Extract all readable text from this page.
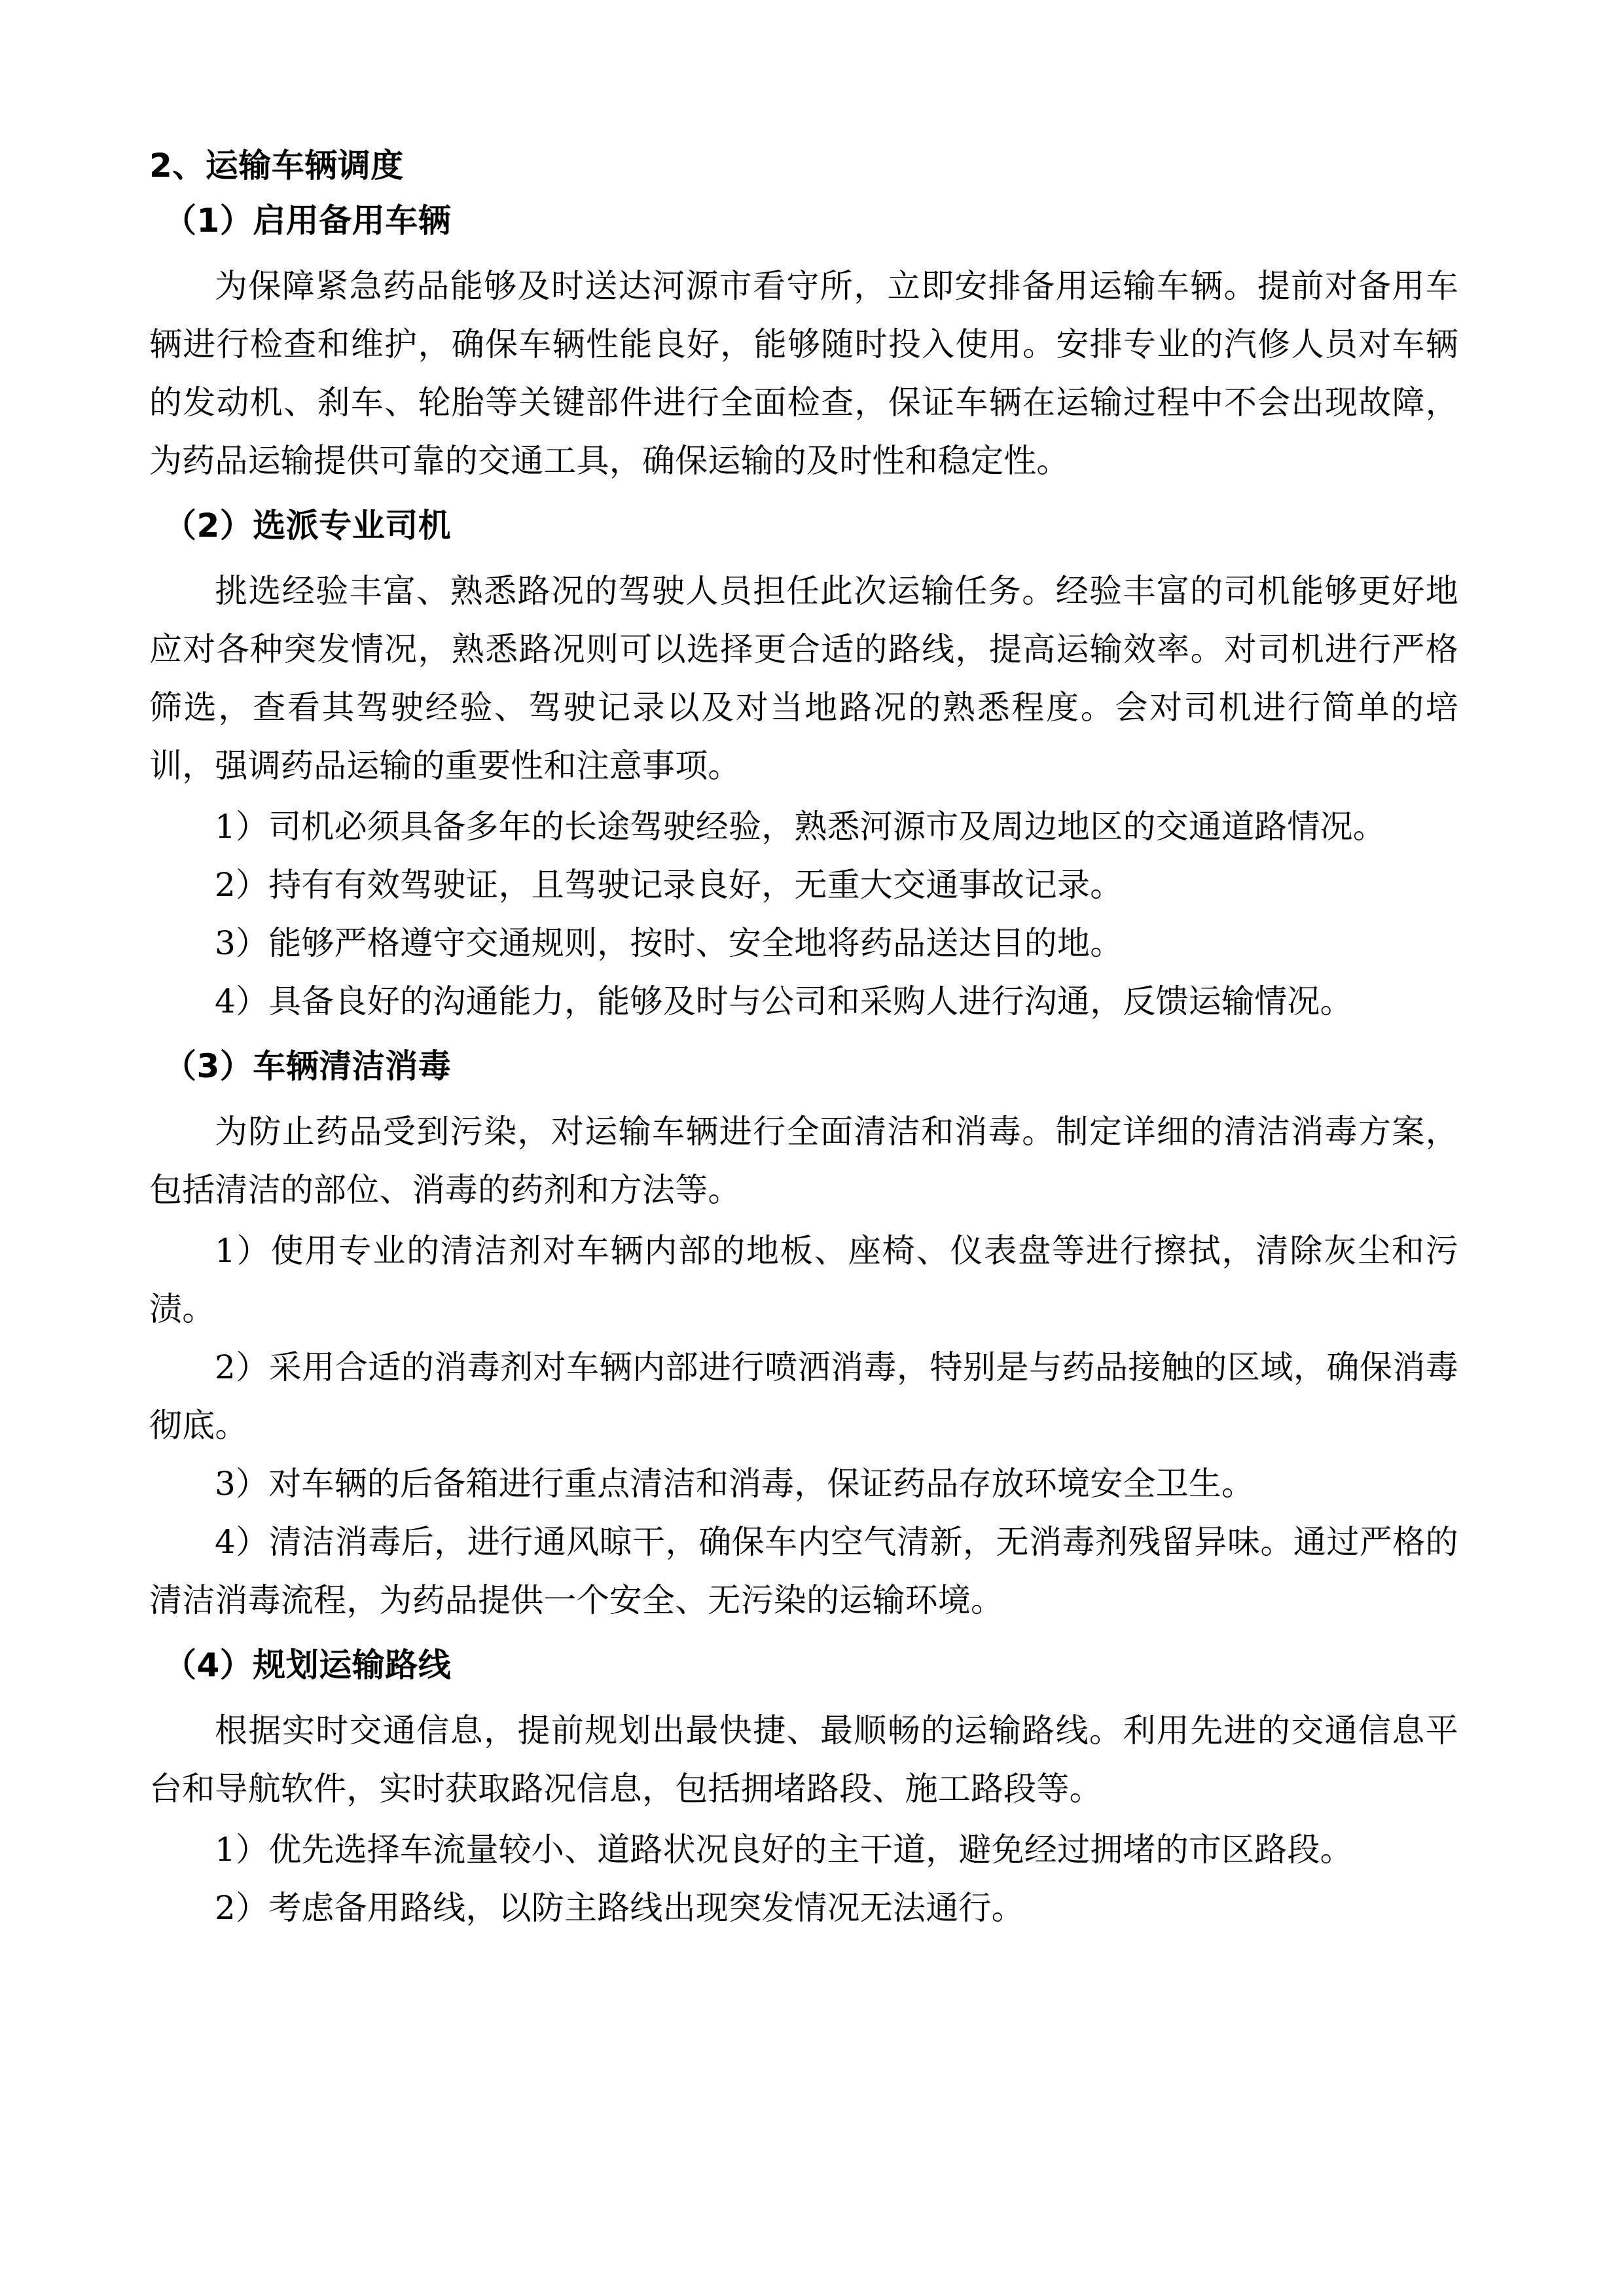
2、运输车辆调度
（1）启用备用车辆

为保障紧急药品能够及时送达河源市看守所，立即安排备用运输车辆。提前对备用车辆进行检查和维护，确保车辆性能良好，能够随时投入使用。安排专业的汽修人员对车辆的发动机、刹车、轮胎等关键部件进行全面检查，保证车辆在运输过程中不会出现故障，为药品运输提供可靠的交通工具，确保运输的及时性和稳定性。

（2）选派专业司机

挑选经验丰富、熟悉路况的驾驶人员担任此次运输任务。经验丰富的司机能够更好地应对各种突发情况，熟悉路况则可以选择更合适的路线，提高运输效率。对司机进行严格筛选，查看其驾驶经验、驾驶记录以及对当地路况的熟悉程度。会对司机进行简单的培训，强调药品运输的重要性和注意事项。

1）司机必须具备多年的长途驾驶经验，熟悉河源市及周边地区的交通道路情况。

2）持有有效驾驶证，且驾驶记录良好，无重大交通事故记录。

3）能够严格遵守交通规则，按时、安全地将药品送达目的地。

4）具备良好的沟通能力，能够及时与公司和采购人进行沟通，反馈运输情况。

（3）车辆清洁消毒

为防止药品受到污染，对运输车辆进行全面清洁和消毒。制定详细的清洁消毒方案，包括清洁的部位、消毒的药剂和方法等。

1）使用专业的清洁剂对车辆内部的地板、座椅、仪表盘等进行擦拭，清除灰尘和污渍。

2）采用合适的消毒剂对车辆内部进行喷洒消毒，特别是与药品接触的区域，确保消毒彻底。

3）对车辆的后备箱进行重点清洁和消毒，保证药品存放环境安全卫生。

4）清洁消毒后，进行通风晾干，确保车内空气清新，无消毒剂残留异味。通过严格的清洁消毒流程，为药品提供一个安全、无污染的运输环境。

（4）规划运输路线

根据实时交通信息，提前规划出最快捷、最顺畅的运输路线。利用先进的交通信息平台和导航软件，实时获取路况信息，包括拥堵路段、施工路段等。

1）优先选择车流量较小、道路状况良好的主干道，避免经过拥堵的市区路段。

2）考虑备用路线，以防主路线出现突发情况无法通行。
